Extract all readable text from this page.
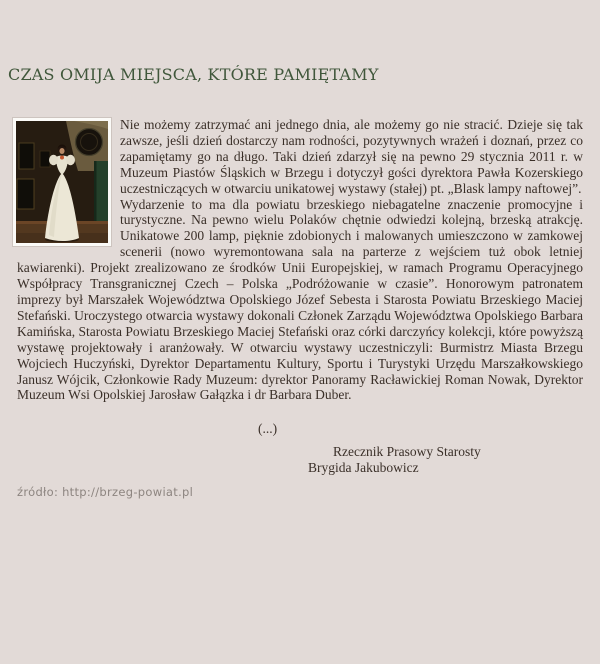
CZAS OMIJA MIEJSCA, KTÓRE PAMIĘTAMY

Nie możemy zatrzymać ani jednego dnia, ale możemy go nie stracić. Dzieje się tak zawsze, jeśli dzień dostarczy nam rodności, pozytywnych wrażeń i doznań, przez co zapamiętamy go na długo. Taki dzień zdarzył się na pewno 29 stycznia 2011 r. w Muzeum Piastów Śląskich w Brzegu i dotyczył gości dyrektora Pawła Kozerskiego uczestniczących w otwarciu unikatowej wystawy (stałej) pt. „Blask lampy naftowej”.

Wydarzenie to ma dla powiatu brzeskiego niebagatelne znaczenie promocyjne i turystyczne. Na pewno wielu Polaków chętnie odwiedzi kolejną, brzeską atrakcję. Unikatowe 200 lamp, pięknie zdobionych i malowanych umieszczono w zamkowej scenerii (nowo wyremontowana sala na parterze z wejściem tuż obok letniej kawiarenki). Projekt zrealizowano ze środków Unii Europejskiej, w ramach Programu Operacyjnego Współpracy Transgranicznej Czech – Polska „Podróżowanie w czasie”. Honorowym patronatem imprezy był Marszałek Województwa Opolskiego Józef Sebesta i Starosta Powiatu Brzeskiego Maciej Stefański. Uroczystego otwarcia wystawy dokonali Członek Zarządu Województwa Opolskiego Barbara Kamińska, Starosta Powiatu Brzeskiego Maciej Stefański oraz córki darczyńcy kolekcji, które powyższą wystawę projektowały i aranżowały. W otwarciu wystawy uczestniczyli: Burmistrz Miasta Brzegu Wojciech Huczyński, Dyrektor Departamentu Kultury, Sportu i Turystyki Urzędu Marszałkowskiego Janusz Wójcik, Członkowie Rady Muzeum: dyrektor Panoramy Racławickiej Roman Nowak, Dyrektor Muzeum Wsi Opolskiej Jarosław Gałązka i dr Barbara Duber.

(...)
Rzecznik Prasowy Starosty
Brygida Jakubowicz
źródło: http://brzeg-powiat.pl
